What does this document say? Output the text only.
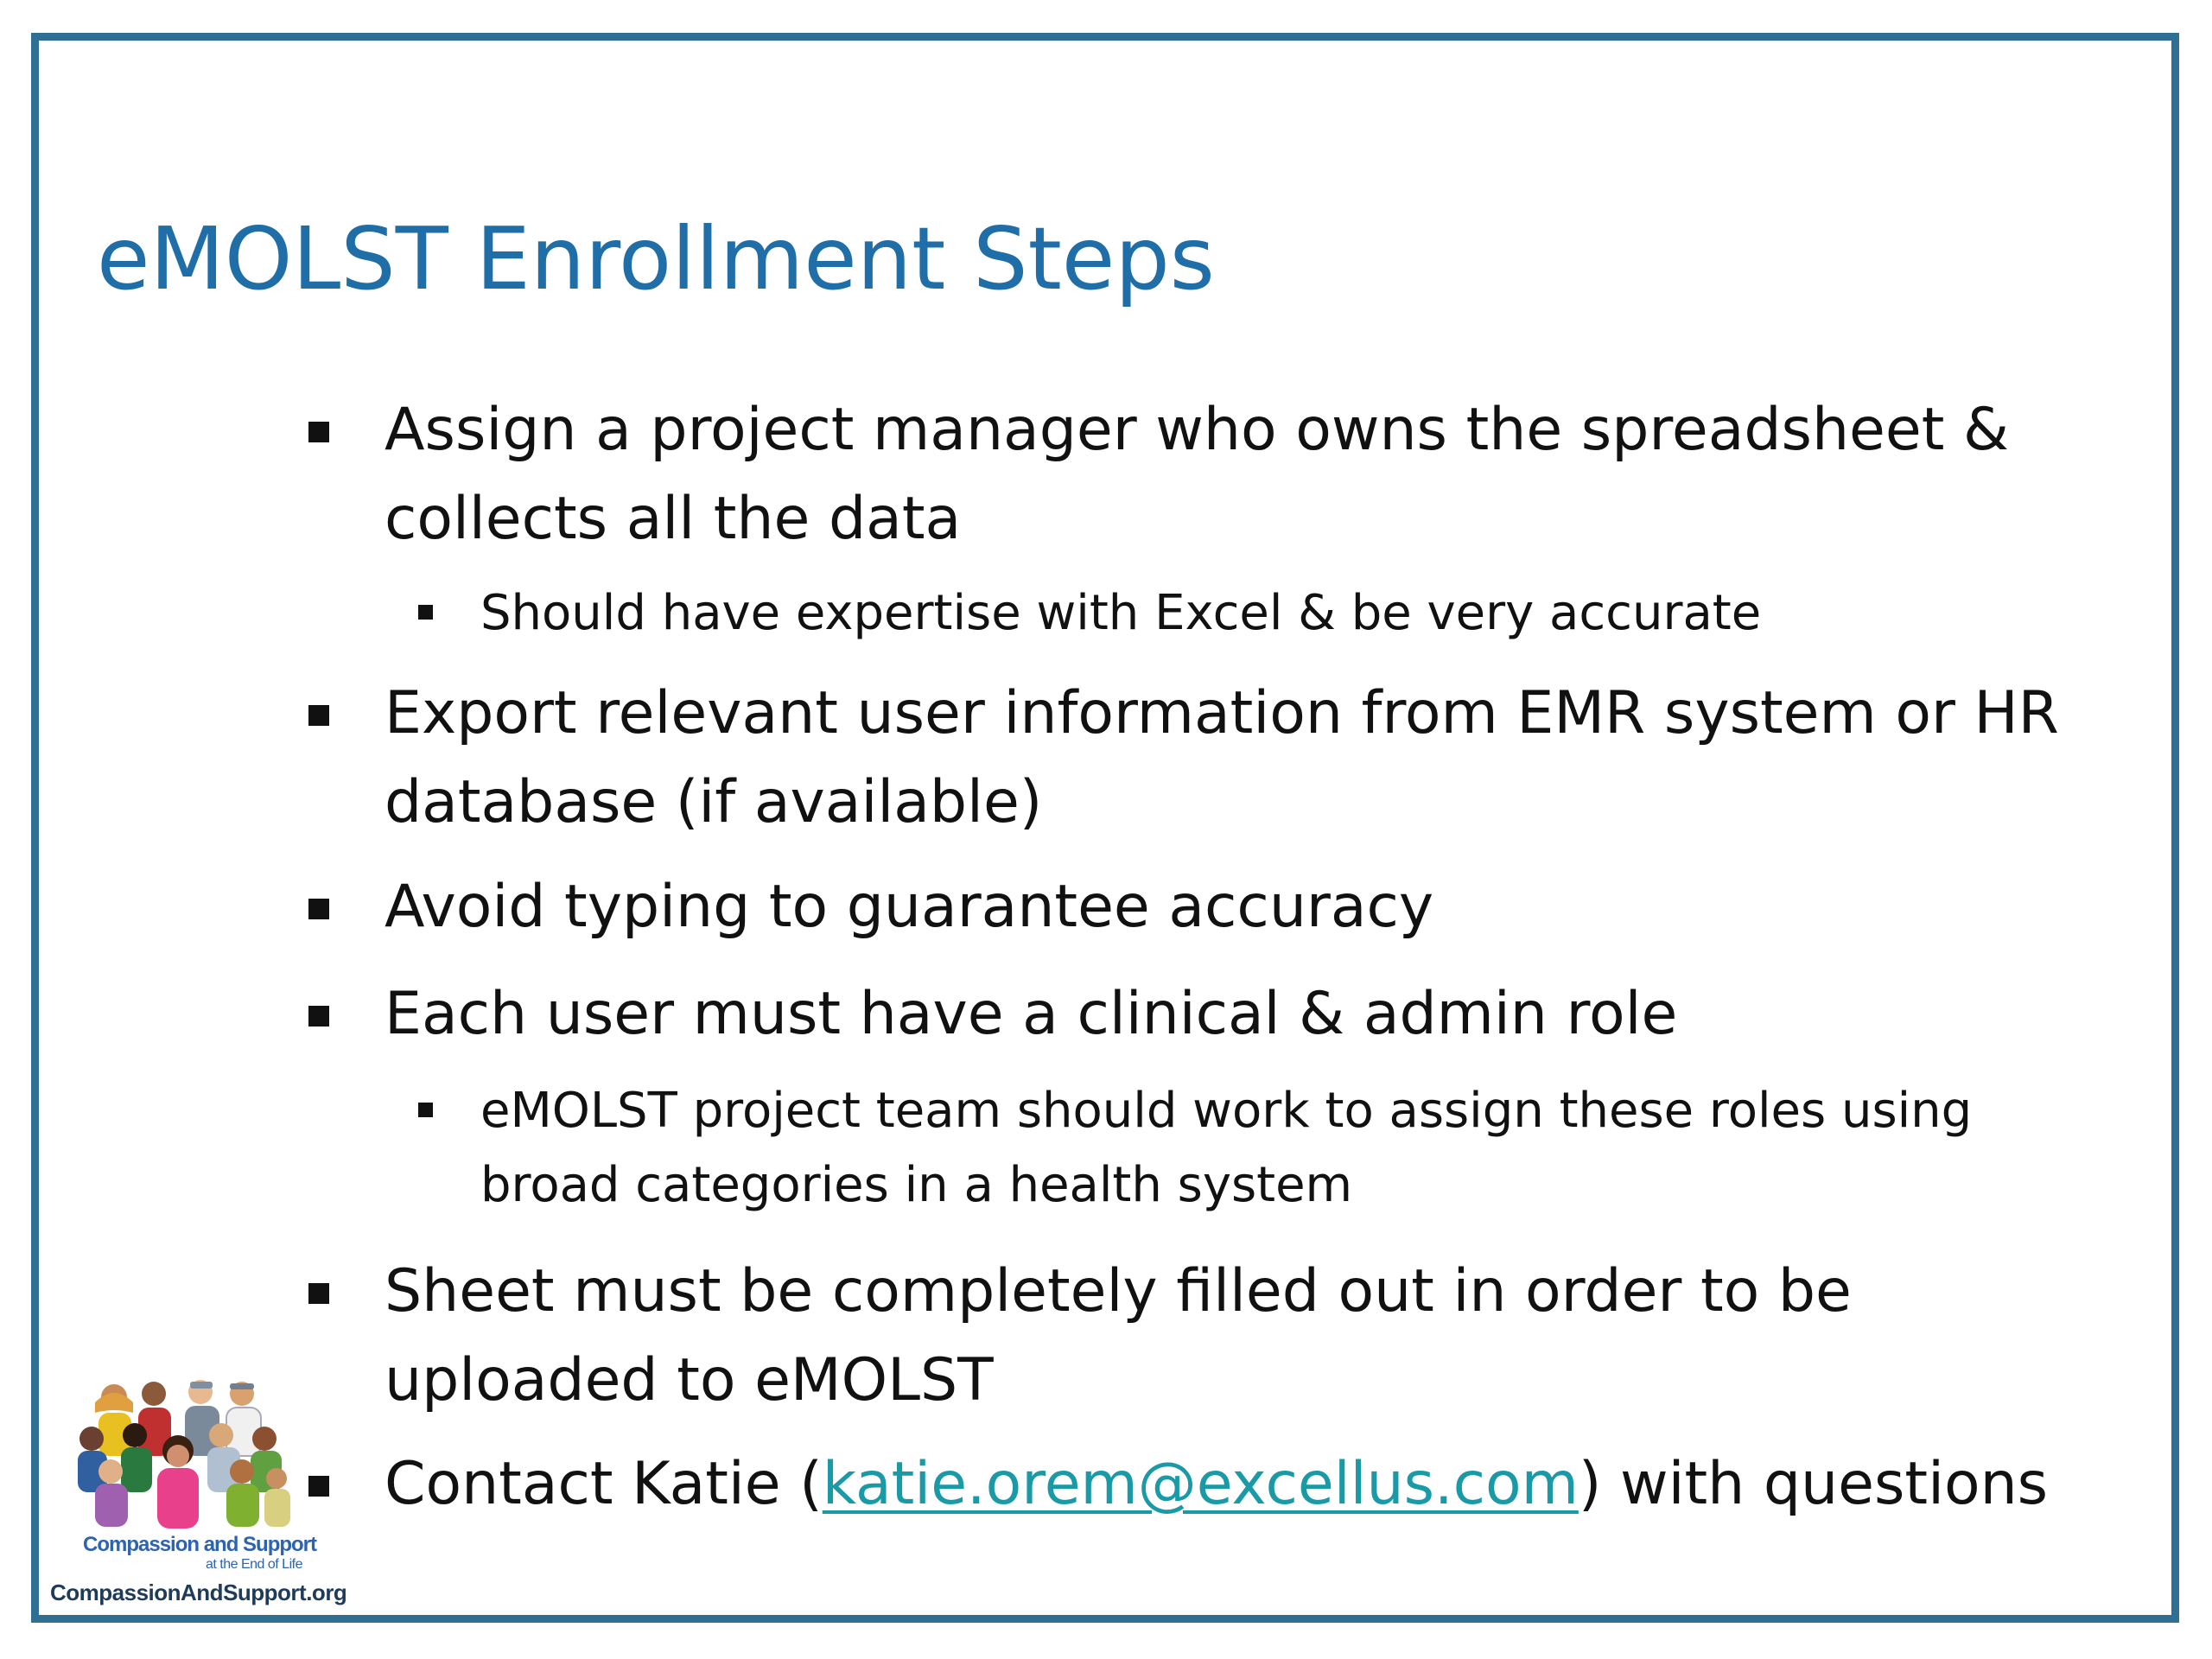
eMOLST Enrollment Steps
Assign a project manager who owns the spreadsheet & collects all the data
Should have expertise with Excel & be very accurate
Export relevant user information from EMR system or HR database (if available)
Avoid typing to guarantee accuracy
Each user must have a clinical & admin role
eMOLST project team should work to assign these roles using broad categories in a health system
Sheet must be completely filled out in order to be uploaded to eMOLST
Contact Katie (katie.orem@excellus.com) with questions
Compassion and Support
at the End of Life
CompassionAndSupport.org
